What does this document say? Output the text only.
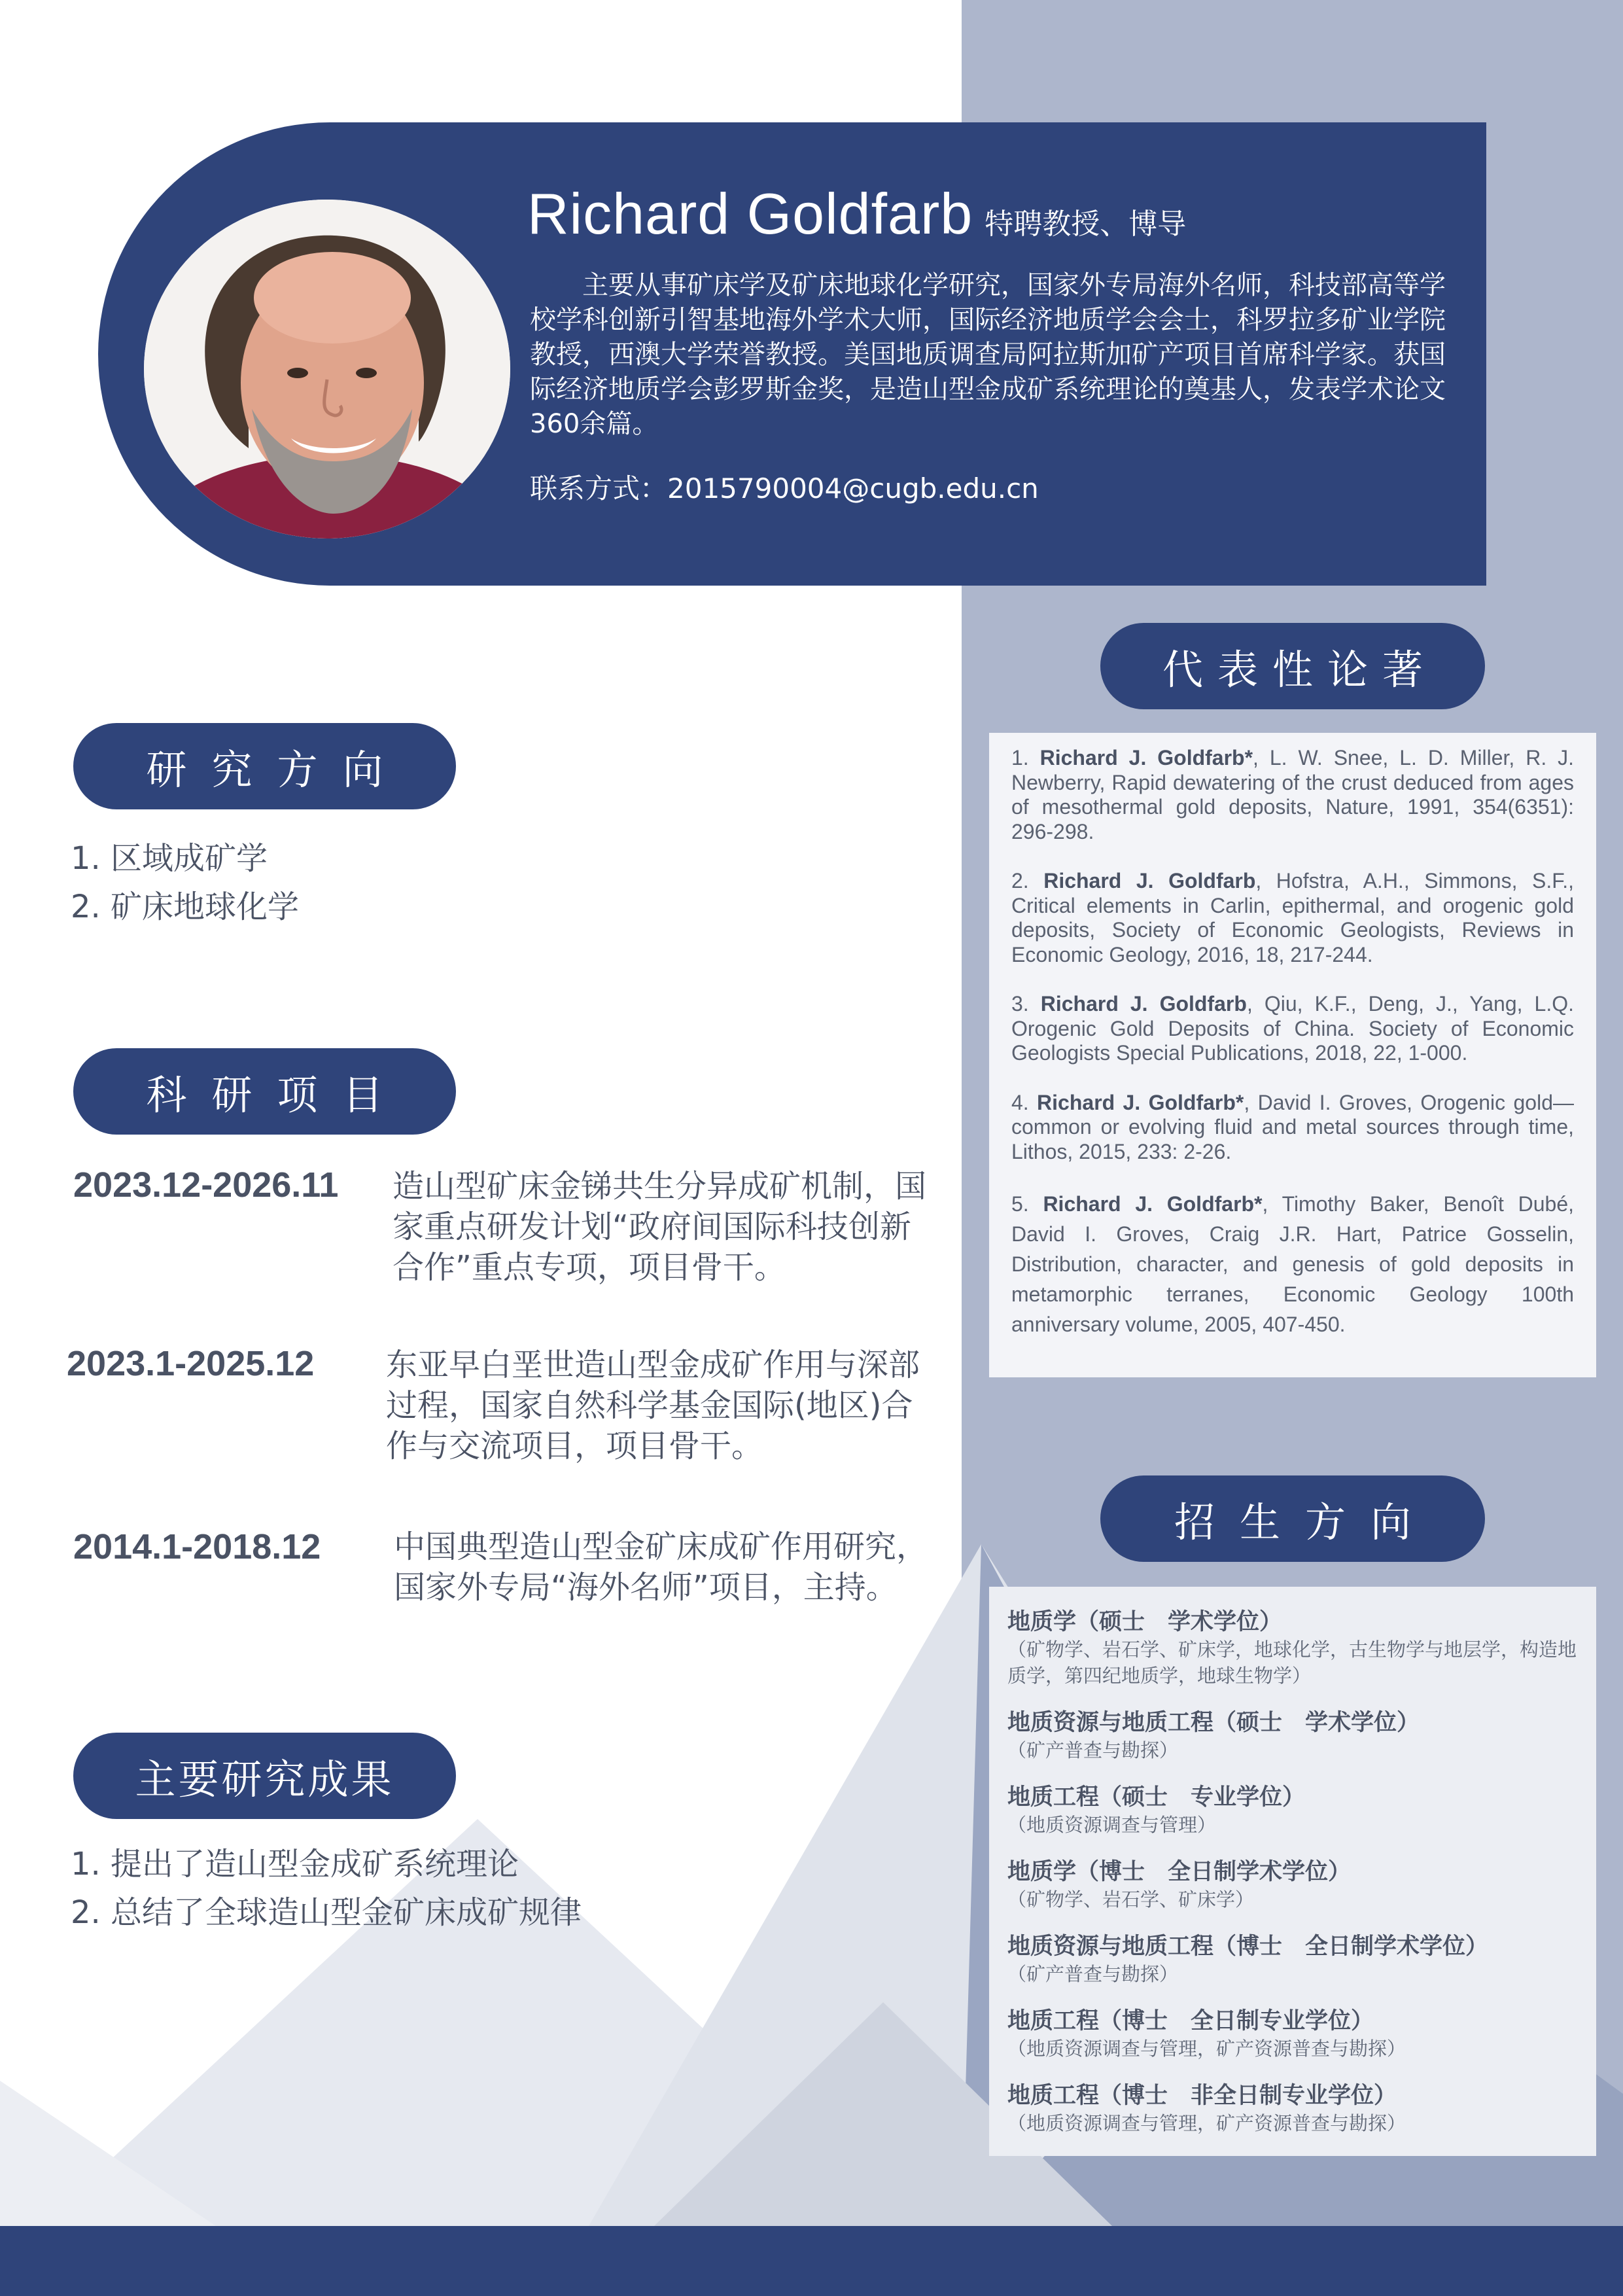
Richard Goldfarb 特聘教授、博导
主要从事矿床学及矿床地球化学研究，国家外专局海外名师，科技部高等学校学科创新引智基地海外学术大师，国际经济地质学会会士，科罗拉多矿业学院教授，西澳大学荣誉教授。美国地质调查局阿拉斯加矿产项目首席科学家。获国际经济地质学会彭罗斯金奖，是造山型金成矿系统理论的奠基人，发表学术论文360余篇。
联系方式：2015790004@cugb.edu.cn
研究方向
1. 区域成矿学
2. 矿床地球化学
科研项目
2023.12-2026.11 造山型矿床金锑共生分异成矿机制，国家重点研发计划“政府间国际科技创新合作”重点专项，项目骨干。
2023.1-2025.12 东亚早白垩世造山型金成矿作用与深部过程，国家自然科学基金国际(地区)合作与交流项目，项目骨干。
2014.1-2018.12 中国典型造山型金矿床成矿作用研究，国家外专局“海外名师”项目，主持。
主要研究成果
1. 提出了造山型金成矿系统理论
2. 总结了全球造山型金矿床成矿规律
代表性论著
1. Richard J. Goldfarb*, L. W. Snee, L. D. Miller, R. J. Newberry, Rapid dewatering of the crust deduced from ages of mesothermal gold deposits, Nature, 1991, 354(6351): 296-298.
2. Richard J. Goldfarb, Hofstra, A.H., Simmons, S.F., Critical elements in Carlin, epithermal, and orogenic gold deposits, Society of Economic Geologists, Reviews in Economic Geology, 2016, 18, 217-244.
3. Richard J. Goldfarb, Qiu, K.F., Deng, J., Yang, L.Q. Orogenic Gold Deposits of China. Society of Economic Geologists Special Publications, 2018, 22, 1-000.
4. Richard J. Goldfarb*, David I. Groves, Orogenic gold—common or evolving fluid and metal sources through time, Lithos, 2015, 233: 2-26.
5. Richard J. Goldfarb*, Timothy Baker, Benoît Dubé, David I. Groves, Craig J.R. Hart, Patrice Gosselin, Distribution, character, and genesis of gold deposits in metamorphic terranes, Economic Geology 100th anniversary volume, 2005, 407-450.
招生方向
地质学（硕士　学术学位）
（矿物学、岩石学、矿床学，地球化学，古生物学与地层学，构造地质学，第四纪地质学，地球生物学）
地质资源与地质工程（硕士　学术学位）
（矿产普查与勘探）
地质工程（硕士　专业学位）
（地质资源调查与管理）
地质学（博士　全日制学术学位）
（矿物学、岩石学、矿床学）
地质资源与地质工程（博士　全日制学术学位）
（矿产普查与勘探）
地质工程（博士　全日制专业学位）
（地质资源调查与管理，矿产资源普查与勘探）
地质工程（博士　非全日制专业学位）
（地质资源调查与管理，矿产资源普查与勘探）
